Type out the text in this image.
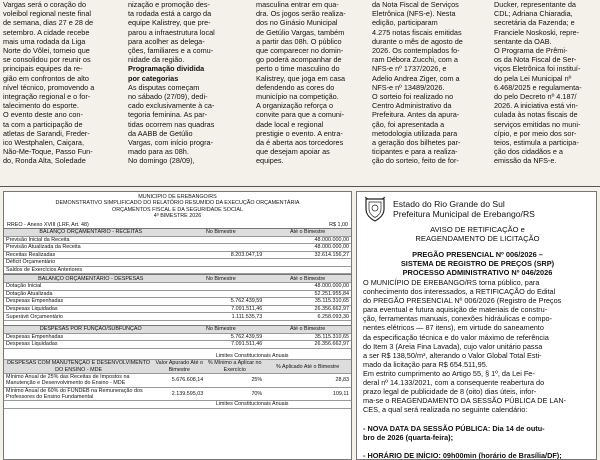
Vargas será o coração do

voleibol regional neste final

de semana, dias 27 e 28 de

setembro. A cidade recebe

mais uma rodada da Liga

Norte do Vôlei, torneio que

se consolidou por reunir os

principais equipes da re-

gião em confrontos de alto

nível técnico, promovendo a

integração regional e o for-

talecimento do esporte.

O evento deste ano con-

ta com a participação de

atletas de Sarandi, Freder-

ico Westphalen, Caiçara,

Não-Me-Toque, Passo Fun-

do, Ronda Alta, Soledade

nização e promoção des-

ta rodada está a cargo da

equipe Kalistrey, que pre-

parou a infraestrutura local

para acolher as delega-

ções, familiares e a comu-

nidade da região.

Programação dividida

por categorias

As disputas começam

no sábado (27/09), dedi-

cado exclusivamente à ca-

tegoria feminina. As par-

tidas ocorrem nas quadras

da AABB de Getúlio

Vargas, com início progra-

mado para as 08h.

No domingo (28/09),

masculina entrar em qua-

dra. Os jogos serão realiza-

dos no Ginásio Municipal

de Getúlio Vargas, também

a partir das 08h. O público

que comparecer no domin-

go poderá acompanhar de

perto o time masculino do

Kalistrey, que joga em casa

defendendo as cores do

município na competição.

A organização reforça o

convite para que a comuni-

dade local e regional

prestigie o evento. A entra-

da é aberta aos torcedores

que desejam apoiar as

equipes.

da Nota Fiscal de Serviços

Eletrônica (NFS-e). Nesta

edição, participaram

4.275 notas fiscais emitidas

durante o mês de agosto de

2026. Os contemplados fo-

ram Débora Zucchi, com a

NFS-e nº 1737/2026, e

Adelio Andrea Ziger, com a

NFS-e nº 13489/2026.

O sorteio foi realizado no

Centro Administrativo da

Prefeitura. Antes da apura-

ção, foi apresentada a

metodologia utilizada para

a geração dos bilhetes par-

ticipantes e para a realiza-

ção do sorteio, feito de for-

Ducker, representante da

CDL; Adriana Chiaradia,

secretária da Fazenda; e

Franciele Noskoski, repre-

sentante da OAB.

O Programa de Prêmi-

os da Nota Fiscal de Ser-

viços Eletrônica foi instituí-

do pela Lei Municipal nº

6.468/2025 e regulamenta-

do pelo Decreto nº 4.187/

2026. A iniciativa está vin-

culada às notas fiscais de

serviços emitidas no muni-

cípio, e por meio dos sor-

teios, estimula a participa-

ção dos cidadãos e a

emissão da NFS-e.

MUNICIPIO DE EREBANGO/RS
DEMONSTRATIVO SIMPLIFICADO DO RELATÓRIO RESUMIDO DA EXECUÇÃO ORÇAMENTÁRIA
ORÇAMENTOS FISCAL E DA SEGURIDADE SOCIAL
4º BIMESTRE 2026
RREO - Anexo XVIII (LRF, Art. 48)	R$ 1,00
BALANÇO ORÇAMENTÁRIO - RECEITAS	No Bimestre	Até o Bimestre
Previsão Inicial da Receita		48.000.000,00
Previsão Atualizada da Receita		48.000.000,00
Receitas Realizadas	8.203.047,19	32.614.156,27
Déficit Orçamentário		
Saldos de Exercícios Anteriores		
BALANÇO ORÇAMENTÁRIO - DESPESAS	No Bimestre	Até o Bimestre
Dotação Inicial		48.000.000,00
Dotação Atualizada		52.251.955,84
Despesas Empenhadas	5.762.439,59	35.115.310,65
Despesas Liquidadas	7.091.511,46	26.356.662,97
Superávit Orçamentário	1.111.535,73	6.258.093,30
DESPESAS POR FUNÇÃO/SUBFUNÇÃO	No Bimestre	Até o Bimestre
Despesas Empenhadas	5.762.439,59	35.115.310,65
Despesas Liquidadas	7.091.511,46	26.356.662,97
	Limites Constitucionais Anuais		
DESPESAS COM MANUTENÇÃO E DESENVOLVIMENTO DO ENSINO - MDE	Valor Apurado Até o Bimestre	% Mínimo a Aplicar no Exercício	% Aplicado Até o Bimestre
Mínimo Anual de 25% das Receitas de Impostos na Manutenção e Desenvolvimento do Ensino - MDE	5.676.608,14	25%	28,83
Mínimo Anual de 60% do FUNDEB na Remuneração dos Professores do Ensino Fundamental	2.139.595,03	70%	109,11
	Limites Constitucionais Anuais		
Estado do Rio Grande do Sul
Prefeitura Municipal de Erebango/RS
AVISO DE RETIFICAÇÃO e
REAGENDAMENTO DE LICITAÇÃO
PREGÃO PRESENCIAL Nº 006/2026 –
SISTEMA DE REGISTRO DE PREÇOS (SRP)
PROCESSO ADMINISTRATIVO Nº 046/2026

O MUNICÍPIO DE EREBANGO/RS torna público, para

conhecimento dos interessados, a RETIFICAÇÃO do Edital

do PREGÃO PRESENCIAL Nº 006/2026 (Registro de Preços

para eventual e futura aquisição de materiais de constru-

ção, ferramentas manuais, conexões hidráulicas e compo-

nentes elétricos — 87 itens), em virtude do saneamento

da especificação técnica e do valor máximo de referência

do Item 3 (Areia Fina Lavada), cujo valor unitário passa

a ser R$ 138,50/m³, alterando o Valor Global Total Esti-

mado da licitação para R$ 654.511,95.

Em estrito cumprimento ao Artigo 55, § 1º, da Lei Fe-

deral nº 14.133/2021, com a consequente reabertura do

prazo legal de publicidade de 8 (oito) dias úteis, infor-

ma-se o REAGENDAMENTO DA SESSÃO PÚBLICA DE LAN-

CES, a qual será realizada no seguinte calendário:

- NOVA DATA DA SESSÃO PÚBLICA: Dia 14 de outu-

bro de 2026 (quarta-feira);

- HORÁRIO DE INÍCIO: 09h00min (horário de Brasília/DF);
